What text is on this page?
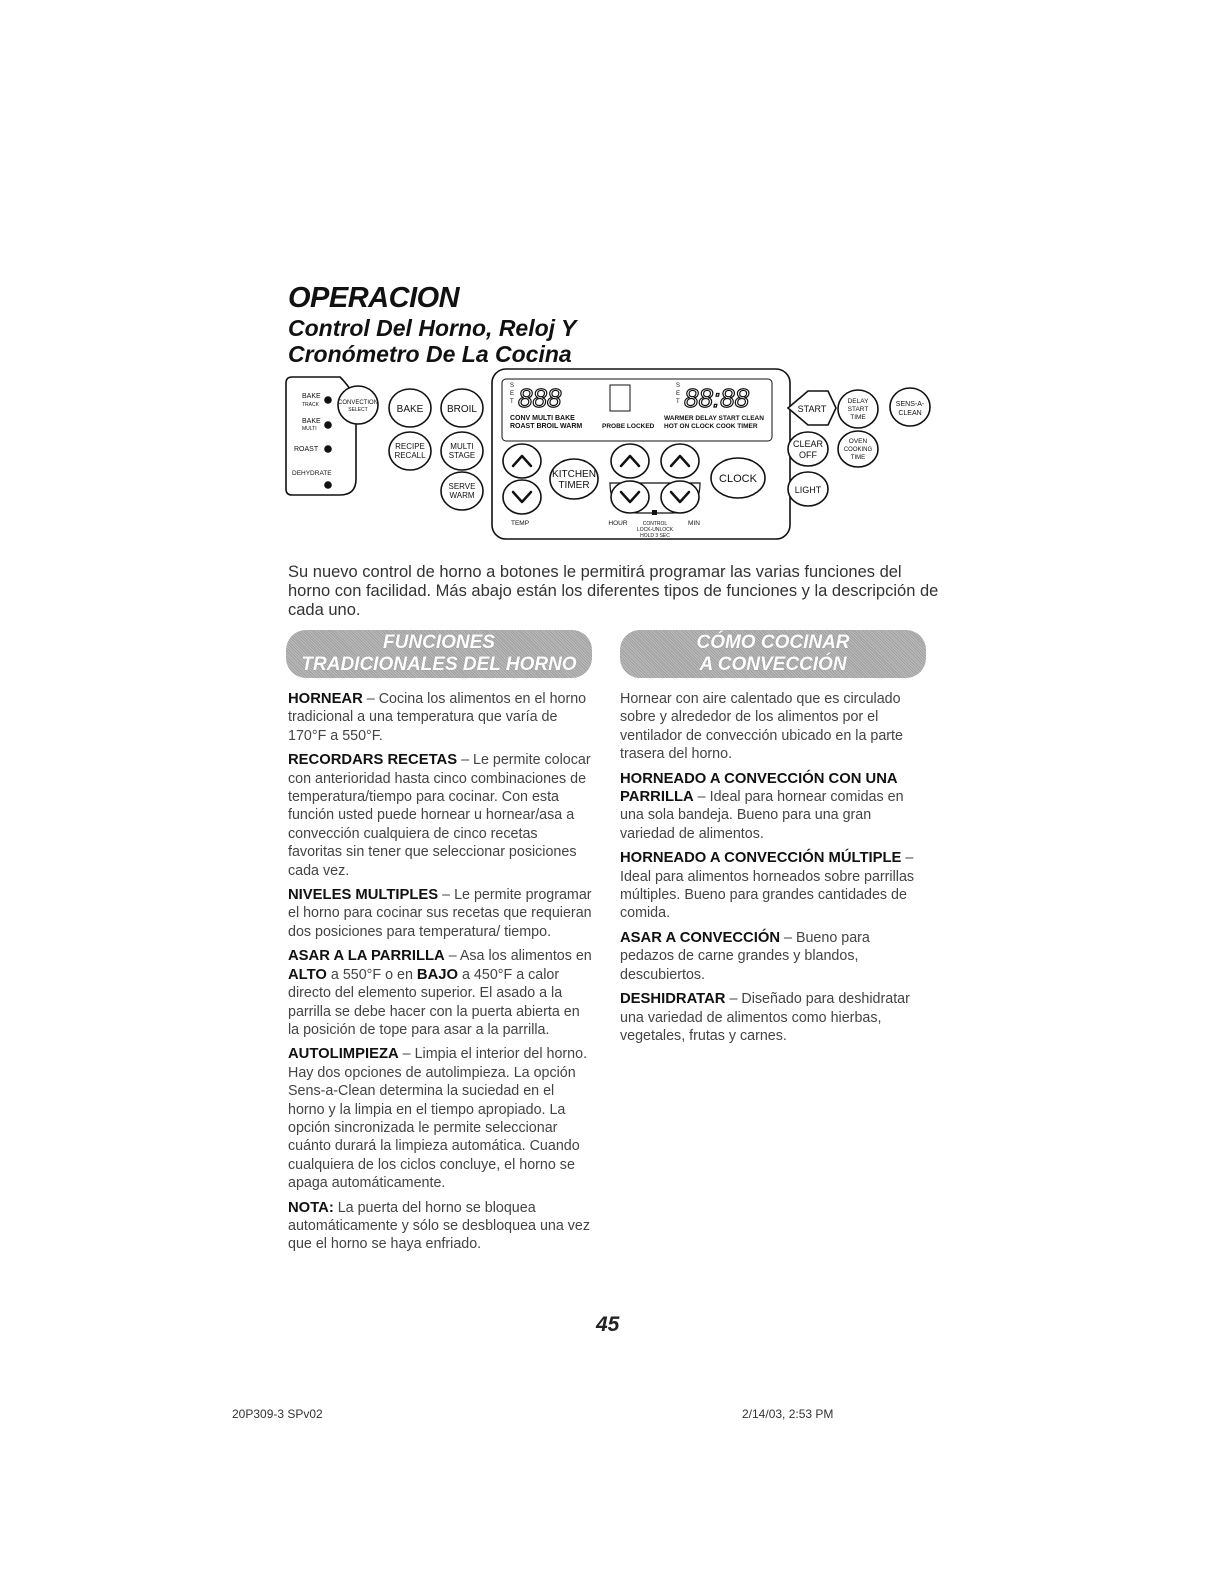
OPERACION
Control Del Horno, Reloj Y
Cronómetro De La Cocina
BAKE
TRACK
BAKE
MULTI
ROAST
DEHYDRATE
CONVECTION
SELECT	BAKE BROIL
RECIPE
RECALL
MULTI
STAGE
SERVE
WARM
S
E
T 888
CONV MULTI BAKE
ROAST BROIL WARM	PROBE LOCKED
S
E
T 88:88
WARMER DELAY START CLEAN
HOT ON CLOCK COOK TIMER
KITCHEN
TIMER
CLOCK
TEMP	HOUR	CONTROL
LOCK-UNLOCK
HOLD 3 SEC
MIN
START
DELAY
START
TIME
SENS-A-
CLEAN
CLEAR
OFF
OVEN
COOKING
TIME
LIGHT
Su nuevo control de horno a botones le permitirá programar las varias funciones del horno con facilidad. Más abajo están los diferentes tipos de funciones y la descripción de cada uno.
FUNCIONES
TRADICIONALES DEL HORNO
CÓMO COCINAR
A CONVECCIÓN

HORNEAR – Cocina los alimentos en el horno tradicional a una temperatura que varía de 170°F a 550°F.

RECORDARS RECETAS – Le permite colocar con anterioridad hasta cinco combinaciones de temperatura/tiempo para cocinar. Con esta función usted puede hornear u hornear/asa a convección cualquiera de cinco recetas favoritas sin tener que seleccionar posiciones cada vez.

NIVELES MULTIPLES – Le permite programar el horno para cocinar sus recetas que requieran dos posiciones para temperatura/ tiempo.

ASAR A LA PARRILLA – Asa los alimentos en ALTO a 550°F o en BAJO a 450°F a calor directo del elemento superior. El asado a la parrilla se debe hacer con la puerta abierta en la posición de tope para asar a la parrilla.

AUTOLIMPIEZA – Limpia el interior del horno. Hay dos opciones de autolimpieza. La opción Sens-a-Clean determina la suciedad en el horno y la limpia en el tiempo apropiado. La opción sincronizada le permite seleccionar cuánto durará la limpieza automática. Cuando cualquiera de los ciclos concluye, el horno se apaga automáticamente.

NOTA: La puerta del horno se bloquea automáticamente y sólo se desbloquea una vez que el horno se haya enfriado.

Hornear con aire calentado que es circulado sobre y alrededor de los alimentos por el ventilador de convección ubicado en la parte trasera del horno.

HORNEADO A CONVECCIÓN CON UNA PARRILLA – Ideal para hornear comidas en una sola bandeja. Bueno para una gran variedad de alimentos.

HORNEADO A CONVECCIÓN MÚLTIPLE – Ideal para alimentos horneados sobre parrillas múltiples. Bueno para grandes cantidades de comida.

ASAR A CONVECCIÓN – Bueno para pedazos de carne grandes y blandos, descubiertos.

DESHIDRATAR – Diseñado para deshidratar una variedad de alimentos como hierbas, vegetales, frutas y carnes.

45
20P309-3 SPv02	2/14/03, 2:53 PM
